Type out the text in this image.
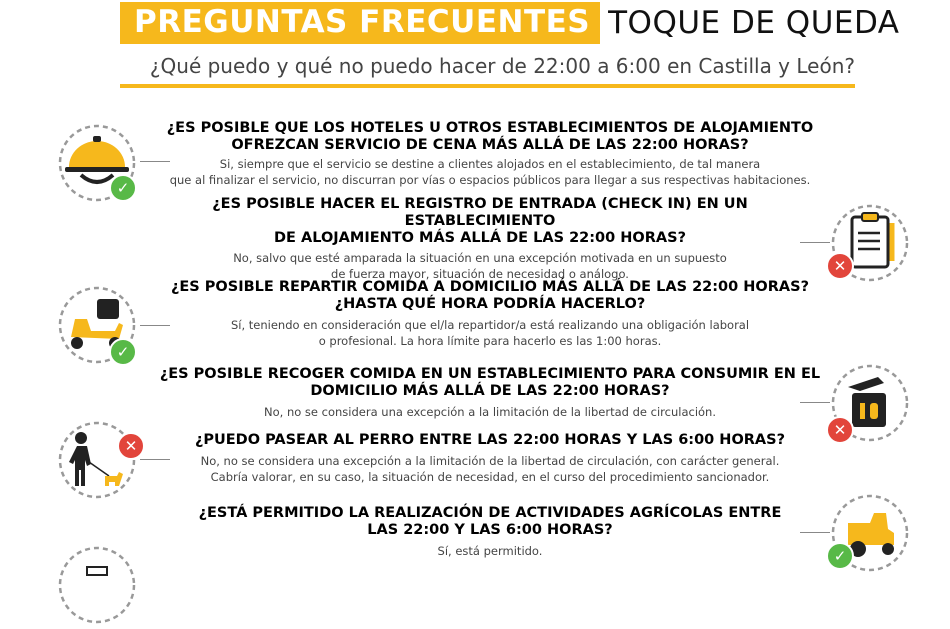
PREGUNTAS FRECUENTES TOQUE DE QUEDA
¿Qué puedo y qué no puedo hacer de 22:00 a 6:00 en Castilla y León?
✓
¿ES POSIBLE QUE LOS HOTELES U OTROS ESTABLECIMIENTOS DE ALOJAMIENTO
OFREZCAN SERVICIO DE CENA MÁS ALLÁ DE LAS 22:00 HORAS?
Si, siempre que el servicio se destine a clientes alojados en el establecimiento, de tal manera
que al finalizar el servicio, no discurran por vías o espacios públicos para llegar a sus respectivas habitaciones.
✕
¿ES POSIBLE HACER EL REGISTRO DE ENTRADA (CHECK IN) EN UN ESTABLECIMIENTO
DE ALOJAMIENTO MÁS ALLÁ DE LAS 22:00 HORAS?
No, salvo que esté amparada la situación en una excepción motivada en un supuesto
de fuerza mayor, situación de necesidad o análogo.
✓
¿ES POSIBLE REPARTIR COMIDA A DOMICILIO MÁS ALLÁ DE LAS 22:00 HORAS?
¿HASTA QUÉ HORA PODRÍA HACERLO?
Sí, teniendo en consideración que el/la repartidor/a está realizando una obligación laboral
o profesional. La hora límite para hacerlo es las 1:00 horas.
✕
¿ES POSIBLE RECOGER COMIDA EN UN ESTABLECIMIENTO PARA CONSUMIR EN EL
DOMICILIO MÁS ALLÁ DE LAS 22:00 HORAS?
No, no se considera una excepción a la limitación de la libertad de circulación.
✕	¿PUEDO PASEAR AL PERRO ENTRE LAS 22:00 HORAS Y LAS 6:00 HORAS?
No, no se considera una excepción a la limitación de la libertad de circulación, con carácter general.
Cabría valorar, en su caso, la situación de necesidad, en el curso del procedimiento sancionador.
✓
¿ESTÁ PERMITIDO LA REALIZACIÓN DE ACTIVIDADES AGRÍCOLAS ENTRE
LAS 22:00 Y LAS 6:00 HORAS?
Sí, está permitido.
